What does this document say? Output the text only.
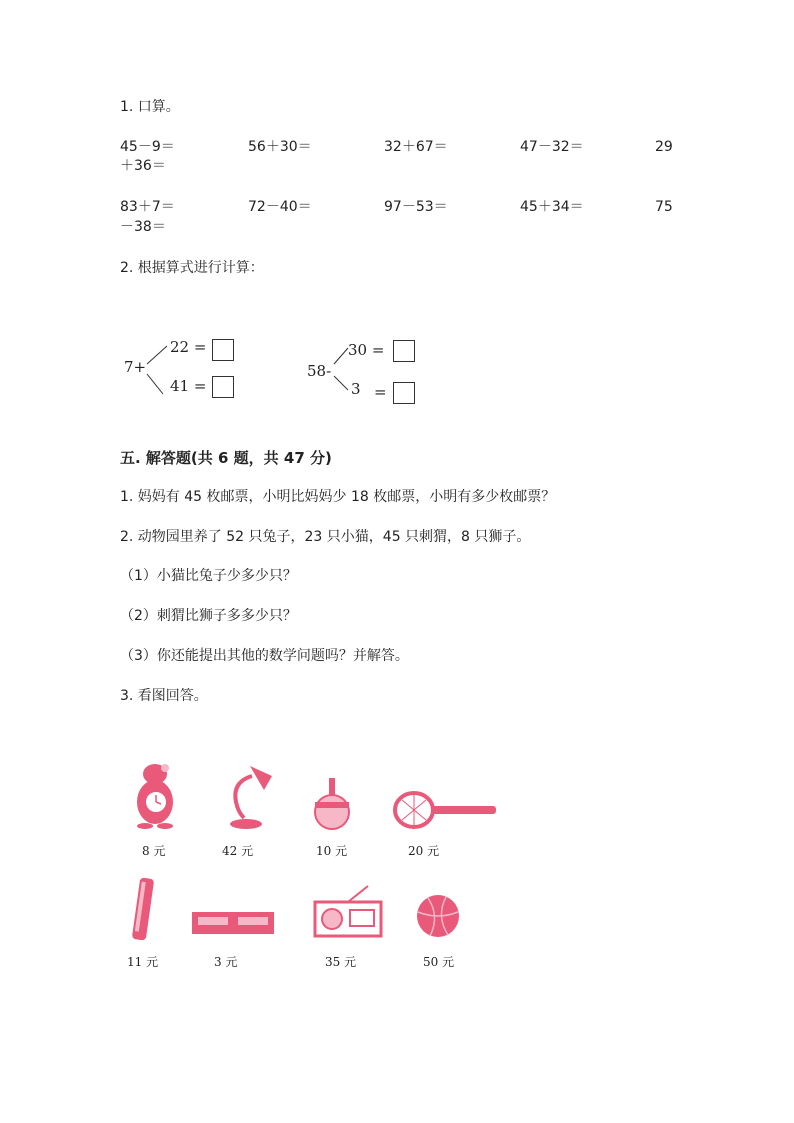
1. 口算。
45－9＝	56＋30＝	32＋67＝	47－32＝	29
＋36＝
83＋7＝	72－40＝	97－53＝	45＋34＝	75
－38＝
2. 根据算式进行计算：
7+
22 =
41 =
58-
30 =
3 =
五. 解答题(共 6 题，共 47 分)
1. 妈妈有 45 枚邮票，小明比妈妈少 18 枚邮票，小明有多少枚邮票？
2. 动物园里养了 52 只兔子，23 只小猫，45 只刺猬，8 只狮子。
（1）小猫比兔子少多少只？
（2）刺猬比狮子多多少只？
（3）你还能提出其他的数学问题吗？并解答。
3. 看图回答。
8 元	42 元	10 元	20 元
11 元	3 元	35 元	50 元
